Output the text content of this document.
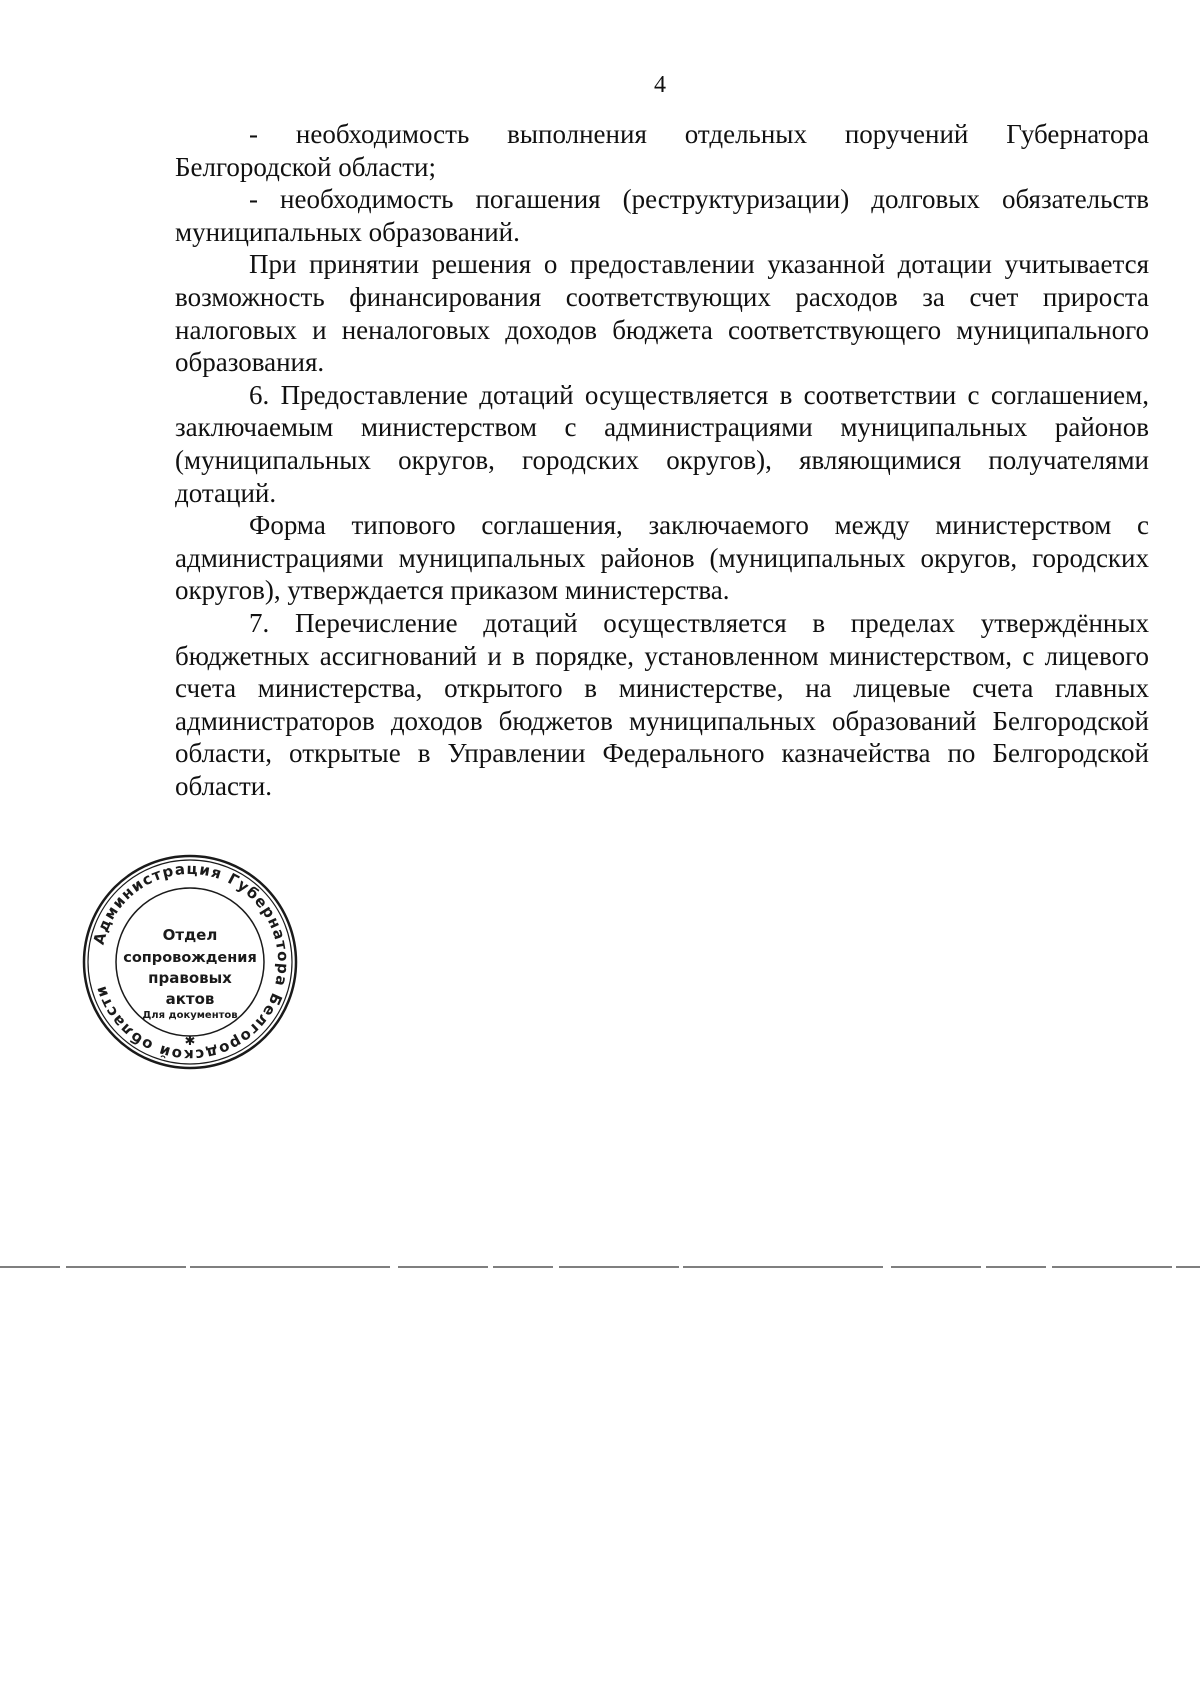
4

- необходимость выполнения отдельных поручений Губернатора Белгородской области;

- необходимость погашения (реструктуризации) долговых обязательств муниципальных образований.

При принятии решения о предоставлении указанной дотации учитывается возможность финансирования соответствующих расходов за счет прироста налоговых и неналоговых доходов бюджета соответствующего муниципального образования.

6. Предоставление дотаций осуществляется в соответствии с соглашением, заключаемым министерством с администрациями муниципальных районов (муниципальных округов, городских округов), являющимися получателями дотаций.

Форма типового соглашения, заключаемого между министерством с администрациями муниципальных районов (муниципальных округов, городских округов), утверждается приказом министерства.

7. Перечисление дотаций осуществляется в пределах утверждённых бюджетных ассигнований и в порядке, установленном министерством, с лицевого счета министерства, открытого в министерстве, на лицевые счета главных администраторов доходов бюджетов муниципальных образований Белгородской области, открытые в Управлении Федерального казначейства по Белгородской области.

Администрация Губернатора Белгородской области
Для документов
✱
Отдел
сопровождения
правовых
актов
